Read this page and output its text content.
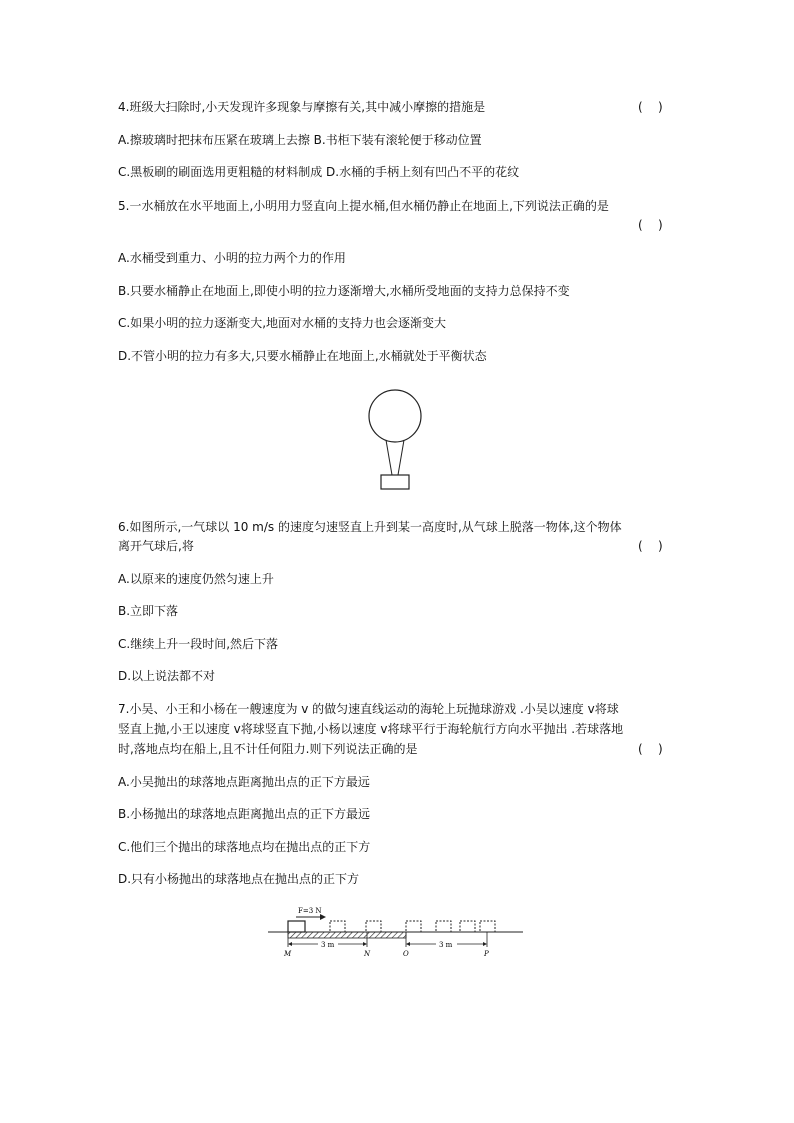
4.班级大扫除时,小天发现许多现象与摩擦有关,其中减小摩擦的措施是	(    )
A.擦玻璃时把抹布压紧在玻璃上去擦 B.书柜下装有滚轮便于移动位置
C.黑板刷的刷面选用更粗糙的材料制成 D.水桶的手柄上刻有凹凸不平的花纹
5.一水桶放在水平地面上,小明用力竖直向上提水桶,但水桶仍静止在地面上,下列说法正确的是
(    )
A.水桶受到重力、小明的拉力两个力的作用
B.只要水桶静止在地面上,即使小明的拉力逐渐增大,水桶所受地面的支持力总保持不变
C.如果小明的拉力逐渐变大,地面对水桶的支持力也会逐渐变大
D.不管小明的拉力有多大,只要水桶静止在地面上,水桶就处于平衡状态
6.如图所示,一气球以 10 m/s 的速度匀速竖直上升到某一高度时,从气球上脱落一物体,这个物体
离开气球后,将	(    )
A.以原来的速度仍然匀速上升
B.立即下落
C.继续上升一段时间,然后下落
D.以上说法都不对
7.小吴、小王和小杨在一艘速度为 v 的做匀速直线运动的海轮上玩抛球游戏 .小吴以速度 v将球
竖直上抛,小王以速度 v将球竖直下抛,小杨以速度 v将球平行于海轮航行方向水平抛出 .若球落地
时,落地点均在船上,且不计任何阻力.则下列说法正确的是	(    )
A.小吴抛出的球落地点距离抛出点的正下方最远
B.小杨抛出的球落地点距离抛出点的正下方最远
C.他们三个抛出的球落地点均在抛出点的正下方
D.只有小杨抛出的球落地点在抛出点的正下方
F=3 N
3 m	3 m
M	N	O	P
